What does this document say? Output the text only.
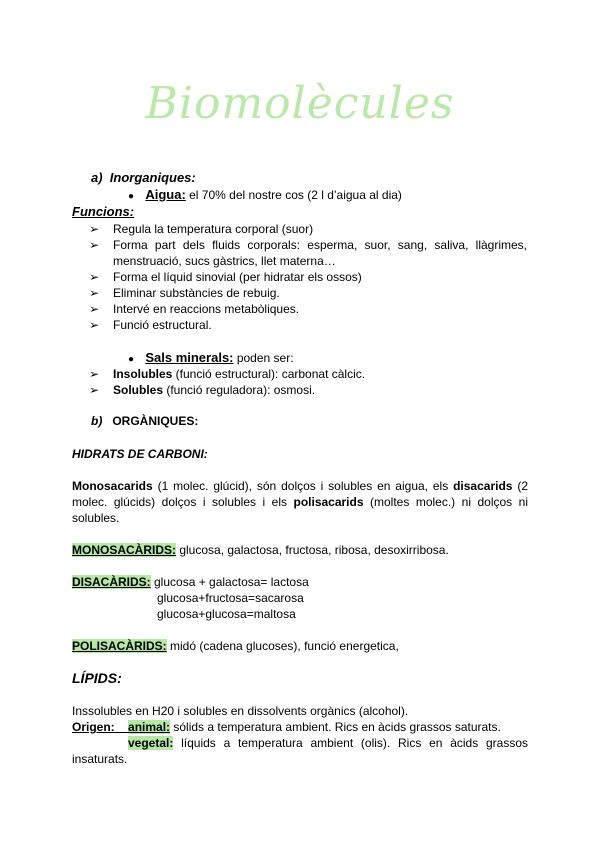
Biomolècules
a) Inorganiques:
● Aigua: el 70% del nostre cos (2 l d’aigua al dia)
Funcions:
➢ Regula la temperatura corporal (suor)
➢ Forma part dels fluids corporals: esperma, suor, sang, saliva, llàgrimes,
menstruació, sucs gàstrics, llet materna…
➢ Forma el líquid sinovial (per hidratar els ossos)
➢ Eliminar substàncies de rebuig.
➢ Intervé en reaccions metabòliques.
➢ Funció estructural.
● Sals minerals: poden ser:
➢ Insolubles (funció estructural): carbonat càlcic.
➢ Solubles (funció reguladora): osmosi.
b) ORGÀNIQUES:
HIDRATS DE CARBONI:
Monosacarids (1 molec. glúcid), són dolços i solubles en aigua, els disacarids (2 molec. glúcids) dolços i solubles i els polisacarids (moltes molec.) ni dolços ni solubles.
MONOSACÀRIDS: glucosa, galactosa, fructosa, ribosa, desoxirribosa.
DISACÀRIDS: glucosa + galactosa= lactosa
glucosa+fructosa=sacarosa
glucosa+glucosa=maltosa
POLISACÀRIDS: midó (cadena glucoses), funció energetica,
LÍPIDS:
Inssolubles en H20 i solubles en dissolvents orgànics (alcohol).
Origen: animal: sólids a temperatura ambient. Rics en àcids grassos saturats.
vegetal: líquids a temperatura ambient (olis). Rics en àcids grassos
insaturats.
